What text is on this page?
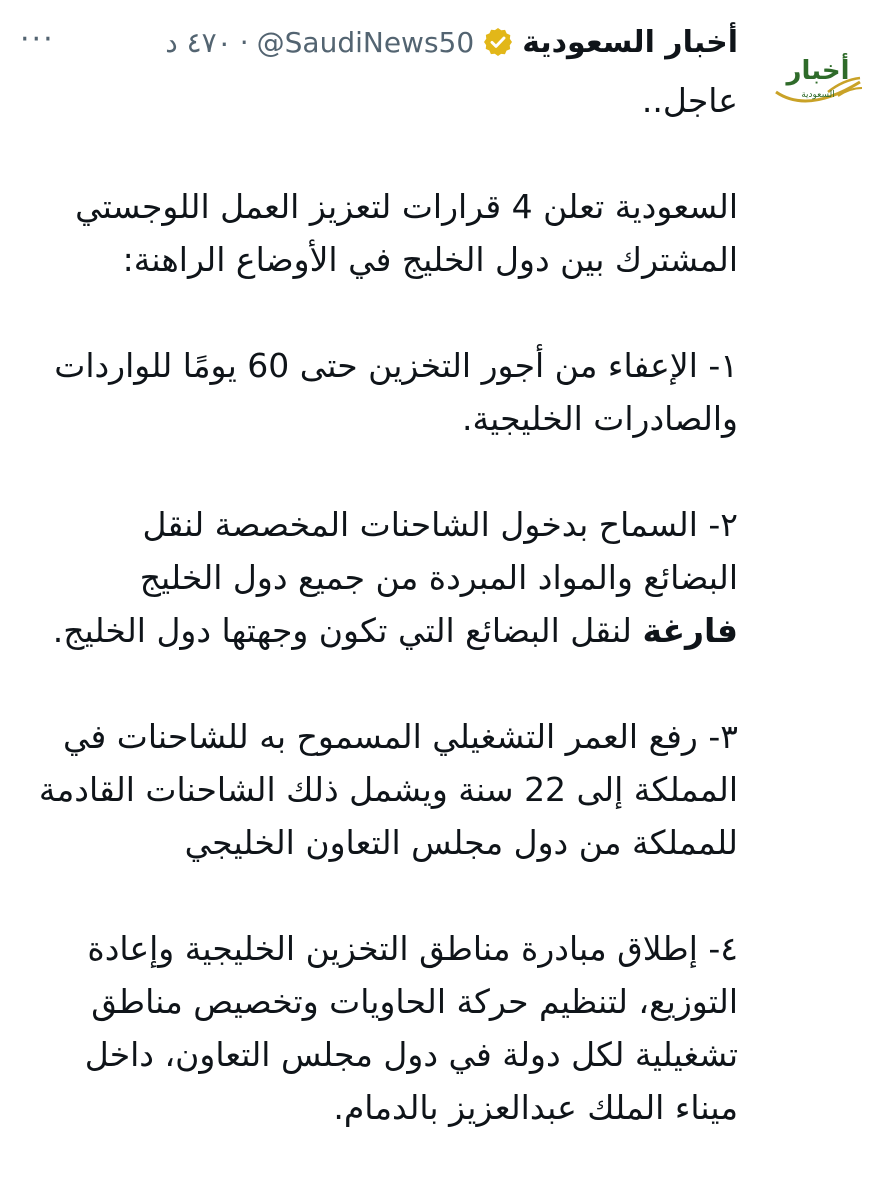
أخبار
السعودية
أخبار السعودية
@SaudiNews50
·
٤٧٠ د
···

عاجل..

السعودية تعلن 4 قرارات لتعزيز العمل اللوجستي المشترك بين دول الخليج في الأوضاع الراهنة:

١- الإعفاء من أجور التخزين حتى 60 يومًا للواردات والصادرات الخليجية.

٢- السماح بدخول الشاحنات المخصصة لنقل البضائع والمواد المبردة من جميع دول الخليج فارغة لنقل البضائع التي تكون وجهتها دول الخليج.

٣- رفع العمر التشغيلي المسموح به للشاحنات في المملكة إلى 22 سنة ويشمل ذلك الشاحنات القادمة للمملكة من دول مجلس التعاون الخليجي

٤- إطلاق مبادرة مناطق التخزين الخليجية وإعادة التوزيع، لتنظيم حركة الحاويات وتخصيص مناطق تشغيلية لكل دولة في دول مجلس التعاون، داخل ميناء الملك عبدالعزيز بالدمام.
